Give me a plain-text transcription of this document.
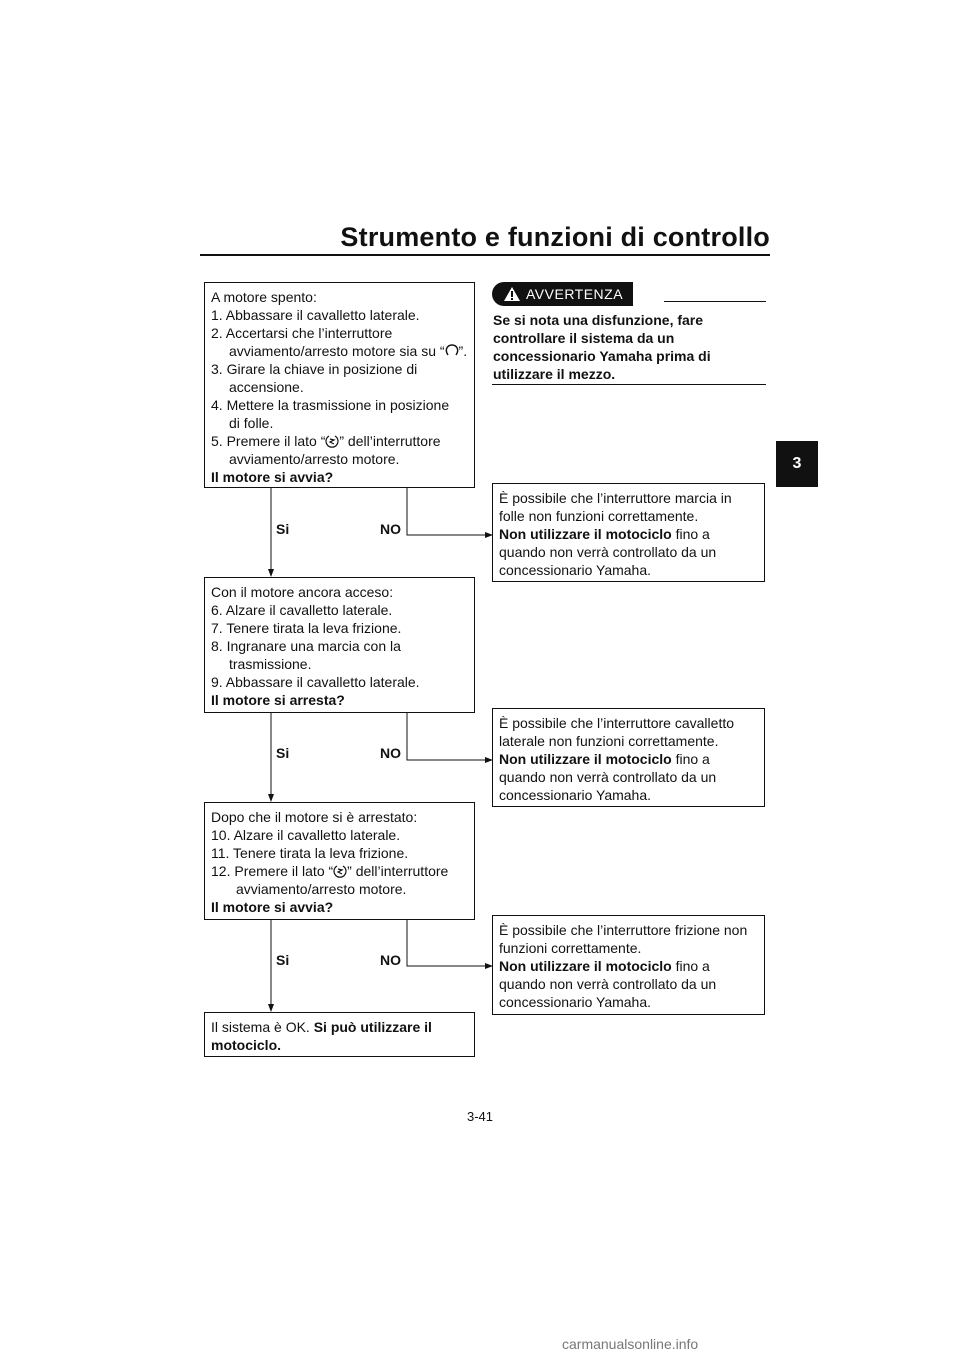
Strumento e funzioni di controllo
3
A motore spento:
1. Abbassare il cavalletto laterale.
2. Accertarsi che l’interruttore
avviamento/arresto motore sia su “ ”.
3. Girare la chiave in posizione di
accensione.
4. Mettere la trasmissione in posizione
di folle.
5. Premere il lato “ ” dell’interruttore
avviamento/arresto motore.
Il motore si avvia?
Con il motore ancora acceso:
6. Alzare il cavalletto laterale.
7. Tenere tirata la leva frizione.
8. Ingranare una marcia con la
trasmissione.
9. Abbassare il cavalletto laterale.
Il motore si arresta?
Dopo che il motore si è arrestato:
10. Alzare il cavalletto laterale.
11. Tenere tirata la leva frizione.
12. Premere il lato “ ” dell’interruttore
avviamento/arresto motore.
Il motore si avvia?
Il sistema è OK. Si può utilizzare il motociclo.
È possibile che l’interruttore marcia in
folle non funzioni correttamente.
Non utilizzare il motociclo fino a
quando non verrà controllato da un
concessionario Yamaha.
È possibile che l’interruttore cavalletto
laterale non funzioni correttamente.
Non utilizzare il motociclo fino a
quando non verrà controllato da un
concessionario Yamaha.
È possibile che l’interruttore frizione non
funzioni correttamente.
Non utilizzare il motociclo fino a
quando non verrà controllato da un
concessionario Yamaha.
Si	NO
Si	NO
Si	NO
AVVERTENZA
Se si nota una disfunzione, fare controllare il sistema da un concessionario Yamaha prima di utilizzare il mezzo.
3-41
carmanualsonline.info
